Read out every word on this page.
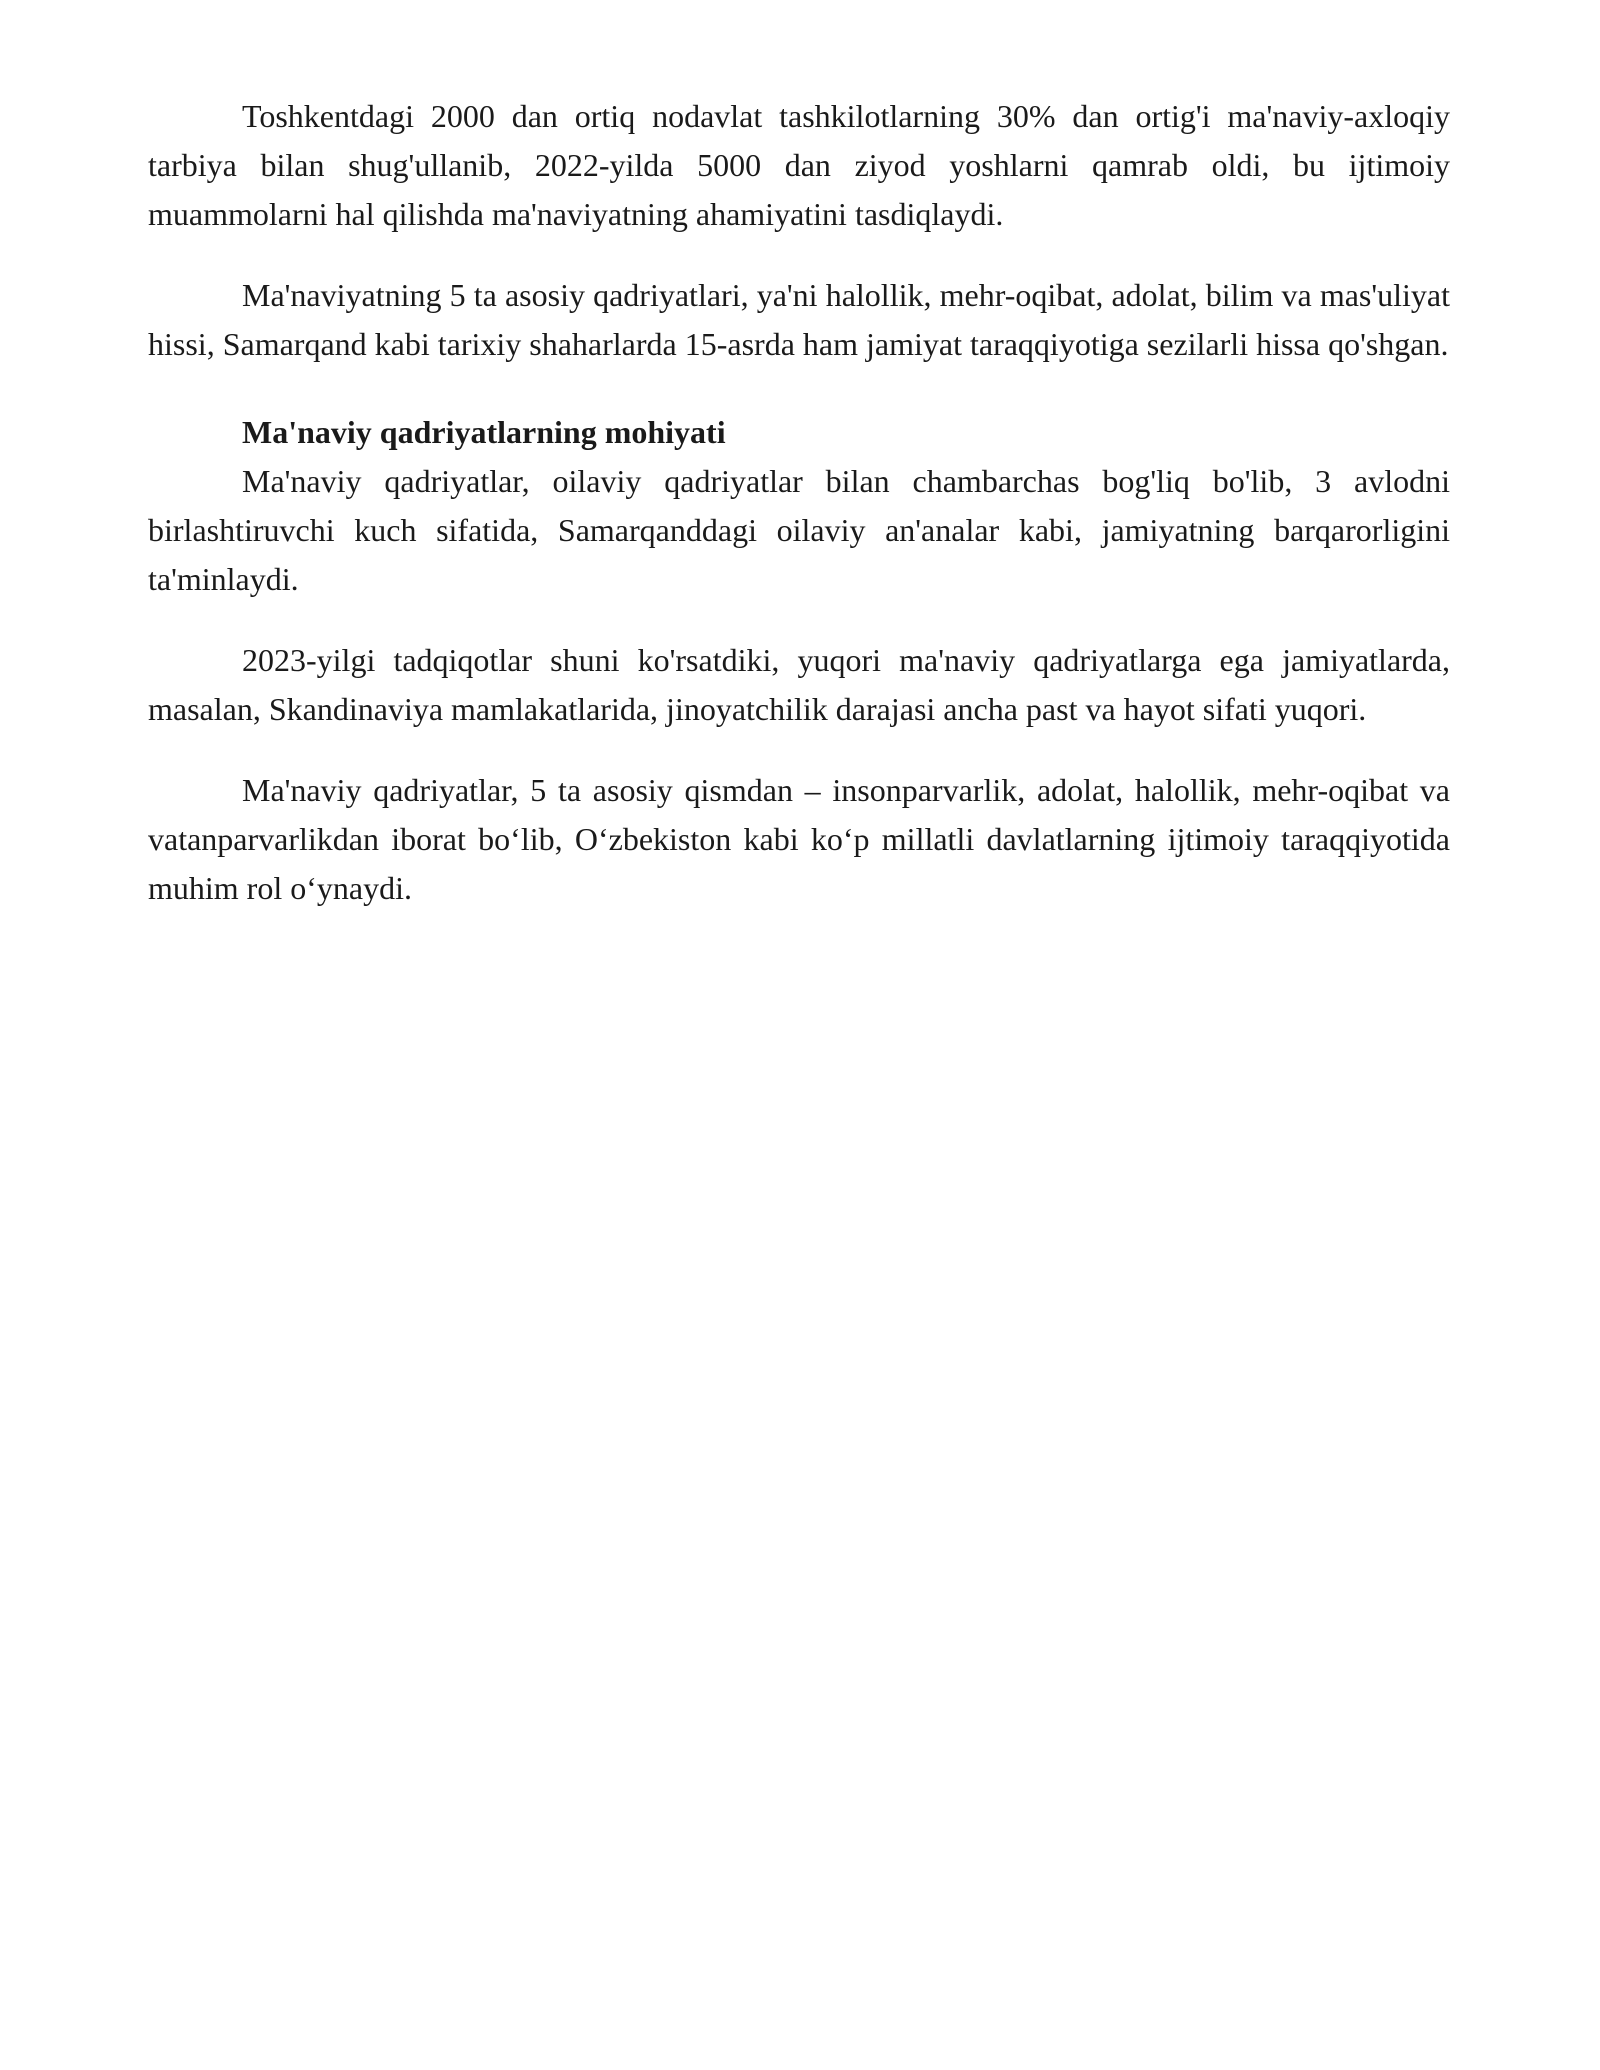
Toshkentdagi 2000 dan ortiq nodavlat tashkilotlarning 30% dan ortig'i ma'naviy-axloqiy tarbiya bilan shug'ullanib, 2022-yilda 5000 dan ziyod yoshlarni qamrab oldi, bu ijtimoiy muammolarni hal qilishda ma'naviyatning ahamiyatini tasdiqlaydi.

Ma'naviyatning 5 ta asosiy qadriyatlari, ya'ni halollik, mehr-oqibat, adolat, bilim va mas'uliyat hissi, Samarqand kabi tarixiy shaharlarda 15-asrda ham jamiyat taraqqiyotiga sezilarli hissa qo'shgan.

Ma'naviy qadriyatlarning mohiyati

Ma'naviy qadriyatlar, oilaviy qadriyatlar bilan chambarchas bog'liq bo'lib, 3 avlodni birlashtiruvchi kuch sifatida, Samarqanddagi oilaviy an'analar kabi, jamiyatning barqarorligini ta'minlaydi.

2023-yilgi tadqiqotlar shuni ko'rsatdiki, yuqori ma'naviy qadriyatlarga ega jamiyatlarda, masalan, Skandinaviya mamlakatlarida, jinoyatchilik darajasi ancha past va hayot sifati yuqori.

Ma'naviy qadriyatlar, 5 ta asosiy qismdan – insonparvarlik, adolat, halollik, mehr-oqibat va vatanparvarlikdan iborat bo‘lib, O‘zbekiston kabi ko‘p millatli davlatlarning ijtimoiy taraqqiyotida muhim rol o‘ynaydi.
